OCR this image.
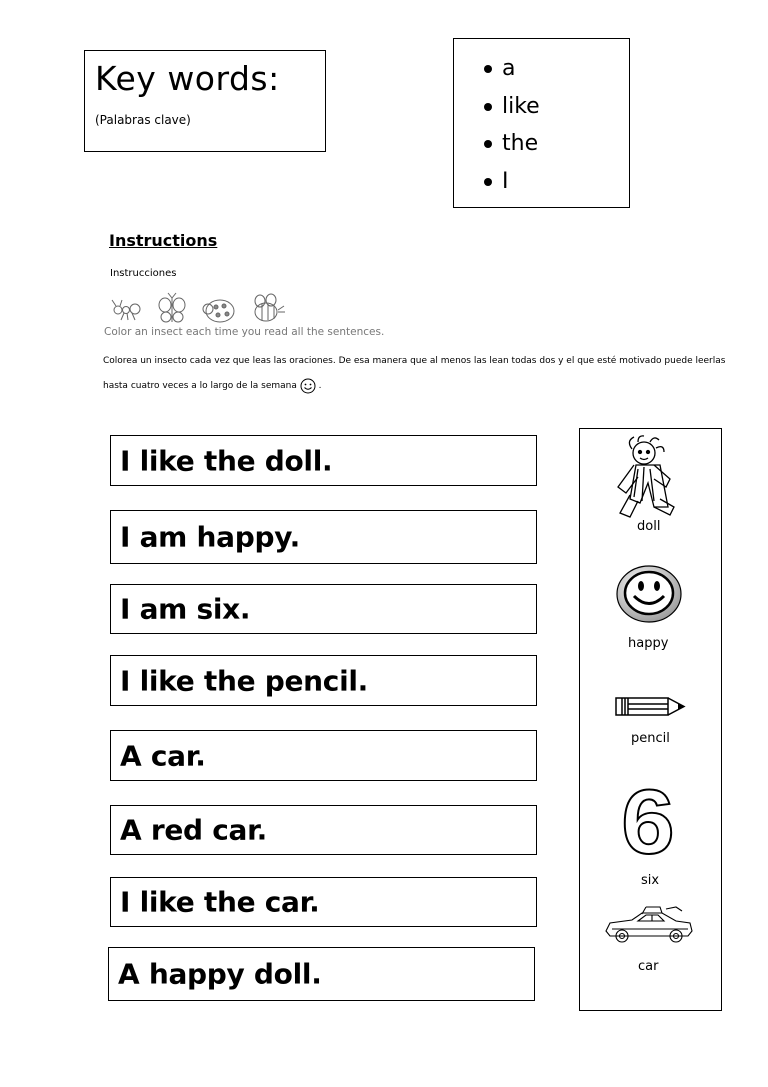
Key words:
(Palabras clave)
a
like
the
I
Instructions
Instrucciones
Color an insect each time you read all the sentences.
Colorea un insecto cada vez que leas las oraciones. De esa manera que al menos las lean todas dos y el que esté motivado puede leerlas hasta cuatro veces a lo largo de la semana .
I like the doll.
I am happy.
I am six.
I like the pencil.
A car.
A red car.
I like the car.
A happy doll.
doll
happy
pencil
6
six
car
